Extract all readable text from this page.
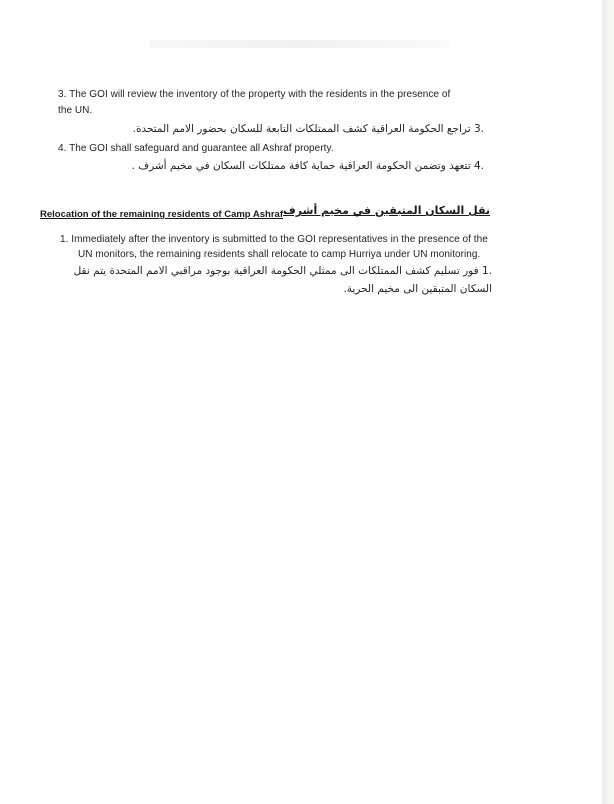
3. The GOI will review the inventory of the property with the residents in the presence of
the UN.
.3 تراجع الحكومة العراقية كشف الممتلكات التابعة للسكان بحضور الامم المتحدة.
4. The GOI shall safeguard and guarantee all Ashraf property.
.4 تتعهد وتضمن الحكومة العراقية حماية كافة ممتلكات السكان في مخيم أشرف .
Relocation of the remaining residents of Camp Ashraf نقل السكان المتبقين في مخيم أشرف
1. Immediately after the inventory is submitted to the GOI representatives in the presence of the
UN monitors, the remaining residents shall relocate to camp Hurriya under UN monitoring.
.1 فور تسليم كشف الممتلكات الى ممثلي الحكومة العراقية بوجود مراقبي الامم المتحدة يتم نقل
السكان المتبقين الى مخيم الحرية.
